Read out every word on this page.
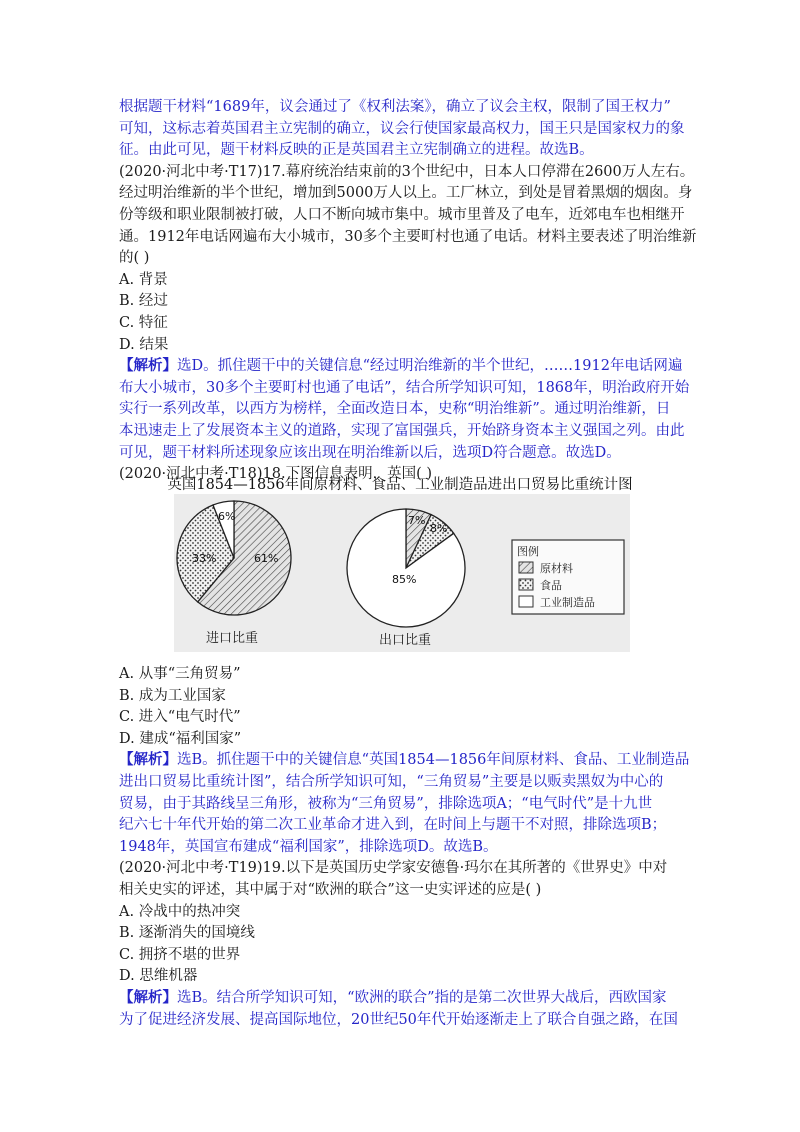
根据题干材料“1689年，议会通过了《权利法案》，确立了议会主权，限制了国王权力”
可知，这标志着英国君主立宪制的确立，议会行使国家最高权力，国王只是国家权力的象
征。由此可见，题干材料反映的正是英国君主立宪制确立的进程。故选B。
(2020·河北中考·T17)17.幕府统治结束前的3个世纪中，日本人口停滞在2600万人左右。
经过明治维新的半个世纪，增加到5000万人以上。工厂林立，到处是冒着黑烟的烟囱。身
份等级和职业限制被打破，人口不断向城市集中。城市里普及了电车，近郊电车也相继开
通。1912年电话网遍布大小城市，30多个主要町村也通了电话。材料主要表述了明治维新
的( )
A. 背景
B. 经过
C. 特征
D. 结果
【解析】选D。抓住题干中的关键信息“经过明治维新的半个世纪，……1912年电话网遍
布大小城市，30多个主要町村也通了电话”，结合所学知识可知，1868年，明治政府开始
实行一系列改革，以西方为榜样，全面改造日本，史称“明治维新”。通过明治维新，日
本迅速走上了发展资本主义的道路，实现了富国强兵，开始跻身资本主义强国之列。由此
可见，题干材料所述现象应该出现在明治维新以后，选项D符合题意。故选D。
(2020·河北中考·T18)18.下图信息表明，英国( )
英国1854—1856年间原材料、食品、工业制造品进出口贸易比重统计图
61%
33%
6%	7%
8%
85%
进口比重	出口比重
图例
原材料
食品
工业制造品
A. 从事“三角贸易”
B. 成为工业国家
C. 进入“电气时代”
D. 建成“福利国家”
【解析】选B。抓住题干中的关键信息“英国1854—1856年间原材料、食品、工业制造品
进出口贸易比重统计图”，结合所学知识可知，“三角贸易”主要是以贩卖黑奴为中心的
贸易，由于其路线呈三角形，被称为“三角贸易”，排除选项A；“电气时代”是十九世
纪六七十年代开始的第二次工业革命才进入到，在时间上与题干不对照，排除选项B；
1948年，英国宣布建成“福利国家”，排除选项D。故选B。
(2020·河北中考·T19)19.以下是英国历史学家安德鲁·玛尔在其所著的《世界史》中对
相关史实的评述，其中属于对“欧洲的联合”这一史实评述的应是( )
A. 冷战中的热冲突
B. 逐渐消失的国境线
C. 拥挤不堪的世界
D. 思维机器
【解析】选B。结合所学知识可知，“欧洲的联合”指的是第二次世界大战后，西欧国家
为了促进经济发展、提高国际地位，20世纪50年代开始逐渐走上了联合自强之路，在国
